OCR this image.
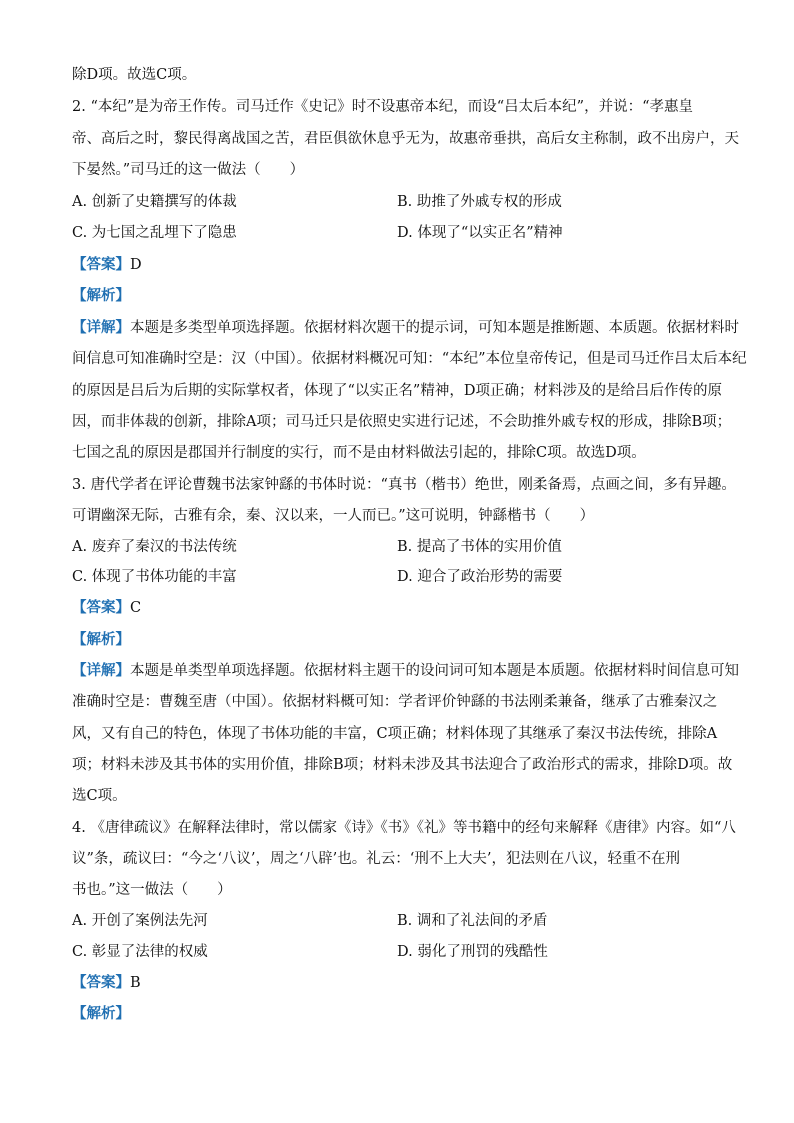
除D项。故选C项。
2. “本纪”是为帝王作传。司马迁作《史记》时不设惠帝本纪，而设“吕太后本纪”，并说：“孝惠皇
帝、高后之时，黎民得离战国之苦，君臣俱欲休息乎无为，故惠帝垂拱，高后女主称制，政不出房户，天
下晏然。”司马迁的这一做法（　　）
A. 创新了史籍撰写的体裁	B. 助推了外戚专权的形成
C. 为七国之乱埋下了隐患	D. 体现了“以实正名”精神
【答案】D
【解析】
【详解】本题是多类型单项选择题。依据材料次题干的提示词，可知本题是推断题、本质题。依据材料时
间信息可知准确时空是：汉（中国）。依据材料概况可知：“本纪”本位皇帝传记，但是司马迁作吕太后本纪
的原因是吕后为后期的实际掌权者，体现了“以实正名”精神，D项正确；材料涉及的是给吕后作传的原
因，而非体裁的创新，排除A项；司马迁只是依照史实进行记述，不会助推外戚专权的形成，排除B项；
七国之乱的原因是郡国并行制度的实行，而不是由材料做法引起的，排除C项。故选D项。
3. 唐代学者在评论曹魏书法家钟繇的书体时说：“真书（楷书）绝世，刚柔备焉，点画之间，多有异趣。
可谓幽深无际，古雅有余，秦、汉以来，一人而已。”这可说明，钟繇楷书（　　）
A. 废弃了秦汉的书法传统	B. 提高了书体的实用价值
C. 体现了书体功能的丰富	D. 迎合了政治形势的需要
【答案】C
【解析】
【详解】本题是单类型单项选择题。依据材料主题干的设问词可知本题是本质题。依据材料时间信息可知
准确时空是：曹魏至唐（中国）。依据材料概可知：学者评价钟繇的书法刚柔兼备，继承了古雅秦汉之
风，又有自己的特色，体现了书体功能的丰富，C项正确；材料体现了其继承了秦汉书法传统，排除A
项；材料未涉及其书体的实用价值，排除B项；材料未涉及其书法迎合了政治形式的需求，排除D项。故
选C项。
4. 《唐律疏议》在解释法律时，常以儒家《诗》《书》《礼》等书籍中的经句来解释《唐律》内容。如“八
议”条，疏议曰：“今之‘八议’，周之‘八辟’也。礼云：‘刑不上大夫’，犯法则在八议，轻重不在刑
书也。”这一做法（　　）
A. 开创了案例法先河	B. 调和了礼法间的矛盾
C. 彰显了法律的权威	D. 弱化了刑罚的残酷性
【答案】B
【解析】
